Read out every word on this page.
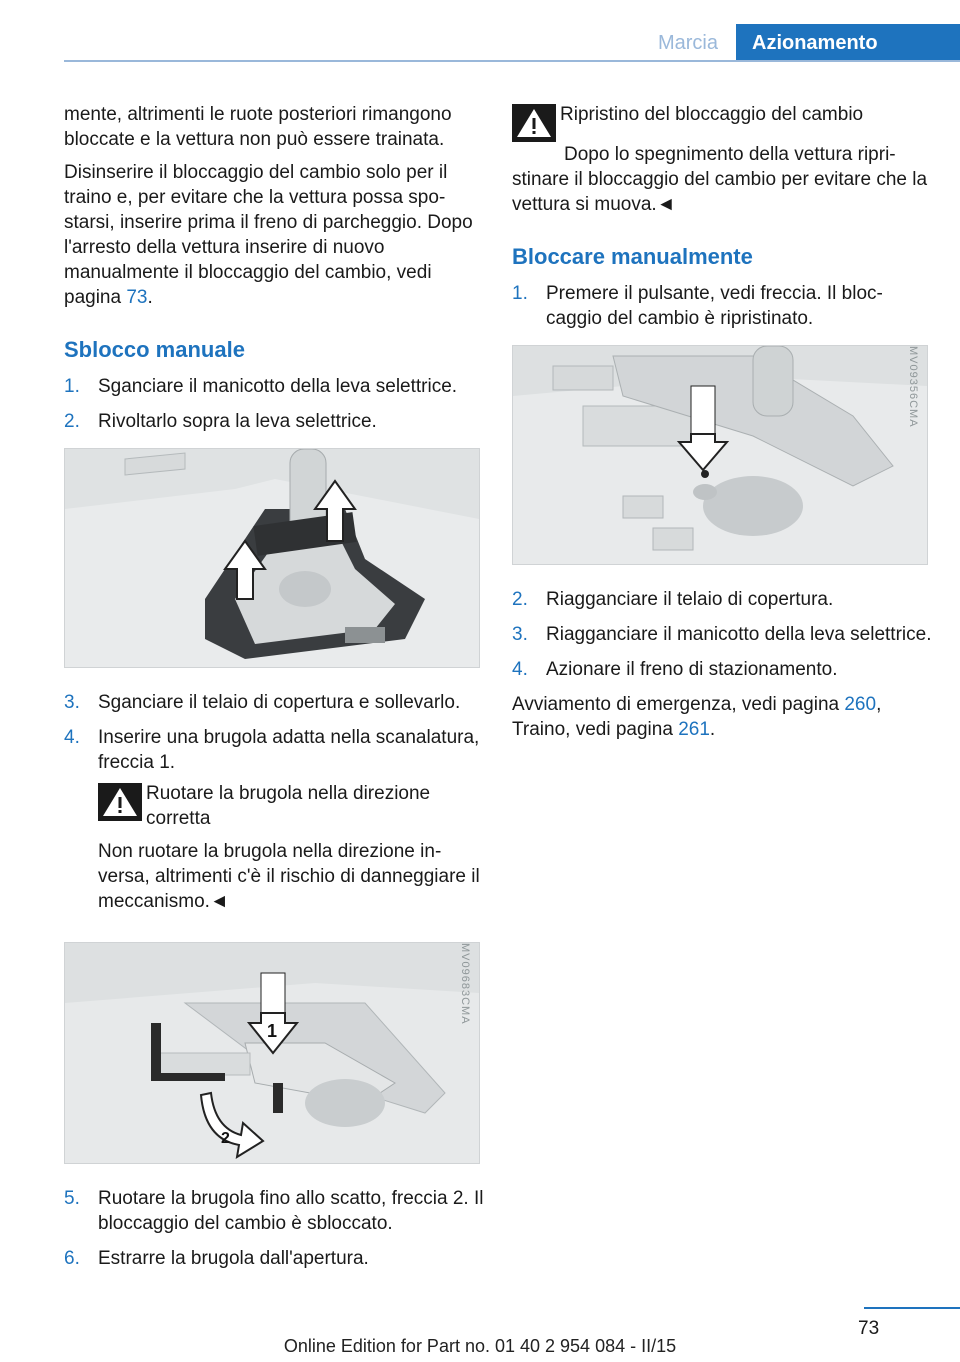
Marcia	Azionamento

mente, altrimenti le ruote posteriori rimangono bloccate e la vettura non può essere trainata.

Disinserire il bloccaggio del cambio solo per il traino e, per evitare che la vettura possa spostarsi, inserire prima il freno di parcheggio. Dopo l'arresto della vettura inserire di nuovo manualmente il bloccaggio del cambio, vedi pagina 73.

Sblocco manuale
1. Sganciare il manicotto della leva selettrice.
2. Rivoltarlo sopra la leva selettrice.
3. Sganciare il telaio di copertura e sollevarlo.
4. Inserire una brugola adatta nella scanalatura, freccia 1.

Ruotare la brugola nella direzione corretta

Non ruotare la brugola nella direzione inversa, altrimenti c'è il rischio di danneggiare il meccanismo.◄

1
2
MV09683CMA
5. Ruotare la brugola fino allo scatto, freccia 2. Il bloccaggio del cambio è sbloccato.
6. Estrarre la brugola dall'apertura.

Ripristino del bloccaggio del cambio

Dopo lo spegnimento della vettura ripristinare il bloccaggio del cambio per evitare che la vettura si muova.◄

Bloccare manualmente
1. Premere il pulsante, vedi freccia. Il bloccaggio del cambio è ripristinato.
MV09356CMA
2. Riagganciare il telaio di copertura.
3. Riagganciare il manicotto della leva selettrice.
4. Azionare il freno di stazionamento.

Avviamento di emergenza, vedi pagina 260,

Traino, vedi pagina 261.

73
Online Edition for Part no. 01 40 2 954 084 - II/15
